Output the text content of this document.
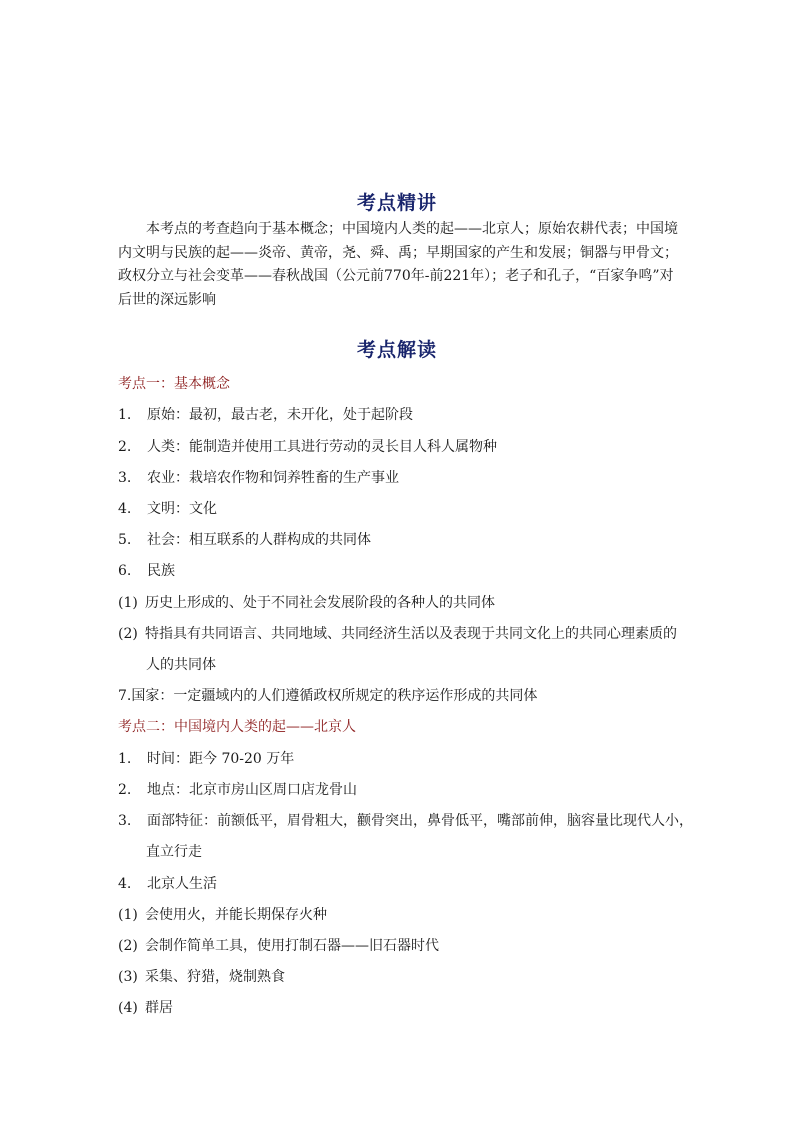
考点精讲

本考点的考查趋向于基本概念；中国境内人类的起——北京人；原始农耕代表；中国境内文明与民族的起——炎帝、黄帝，尧、舜、禹；早期国家的产生和发展；铜器与甲骨文；政权分立与社会变革——春秋战国（公元前770年-前221年）；老子和孔子，“百家争鸣”对后世的深远影响

考点解读
考点一：基本概念
1. 原始：最初，最古老，未开化，处于起阶段
2. 人类：能制造并使用工具进行劳动的灵长目人科人属物种
3. 农业：栽培农作物和饲养牲畜的生产事业
4. 文明：文化
5. 社会：相互联系的人群构成的共同体
6. 民族
(1) 历史上形成的、处于不同社会发展阶段的各种人的共同体
(2) 特指具有共同语言、共同地域、共同经济生活以及表现于共同文化上的共同心理素质的
人的共同体
7.国家：一定疆域内的人们遵循政权所规定的秩序运作形成的共同体
考点二：中国境内人类的起——北京人
1. 时间：距今 70-20 万年
2. 地点：北京市房山区周口店龙骨山
3. 面部特征：前额低平，眉骨粗大，颧骨突出，鼻骨低平，嘴部前伸，脑容量比现代人小，
直立行走
4. 北京人生活
(1) 会使用火，并能长期保存火种
(2) 会制作简单工具，使用打制石器——旧石器时代
(3) 采集、狩猎，烧制熟食
(4) 群居
